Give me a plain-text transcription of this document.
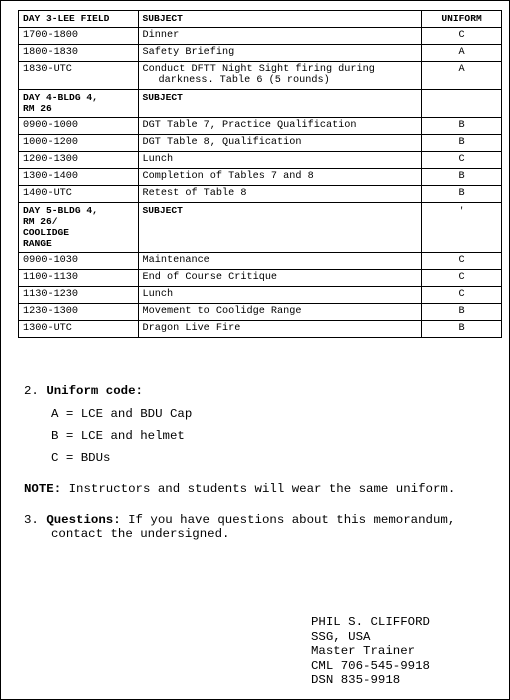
DAY 3-LEE FIELD	SUBJECT	UNIFORM
1700-1800	Dinner	C
1800-1830	Safety Briefing	A
1830-UTC	Conduct DFTT Night Sight firing during
darkness. Table 6 (5 rounds)	A
DAY 4-BLDG 4,
RM 26	SUBJECT	
0900-1000	DGT Table 7, Practice Qualification	B
1000-1200	DGT Table 8, Qualification	B
1200-1300	Lunch	C
1300-1400	Completion of Tables 7 and 8	B
1400-UTC	Retest of Table 8	B
DAY 5-BLDG 4,
RM 26/
COOLIDGE
RANGE	SUBJECT	'
0900-1030	Maintenance	C
1100-1130	End of Course Critique	C
1130-1230	Lunch	C
1230-1300	Movement to Coolidge Range	B
1300-UTC	Dragon Live Fire	B
2. Uniform code:
A = LCE and BDU Cap
B = LCE and helmet
C = BDUs
NOTE: Instructors and students will wear the same uniform.
3. Questions: If you have questions about this memorandum,
contact the undersigned.
PHIL S. CLIFFORD
SSG, USA
Master Trainer
CML 706-545-9918
DSN 835-9918
